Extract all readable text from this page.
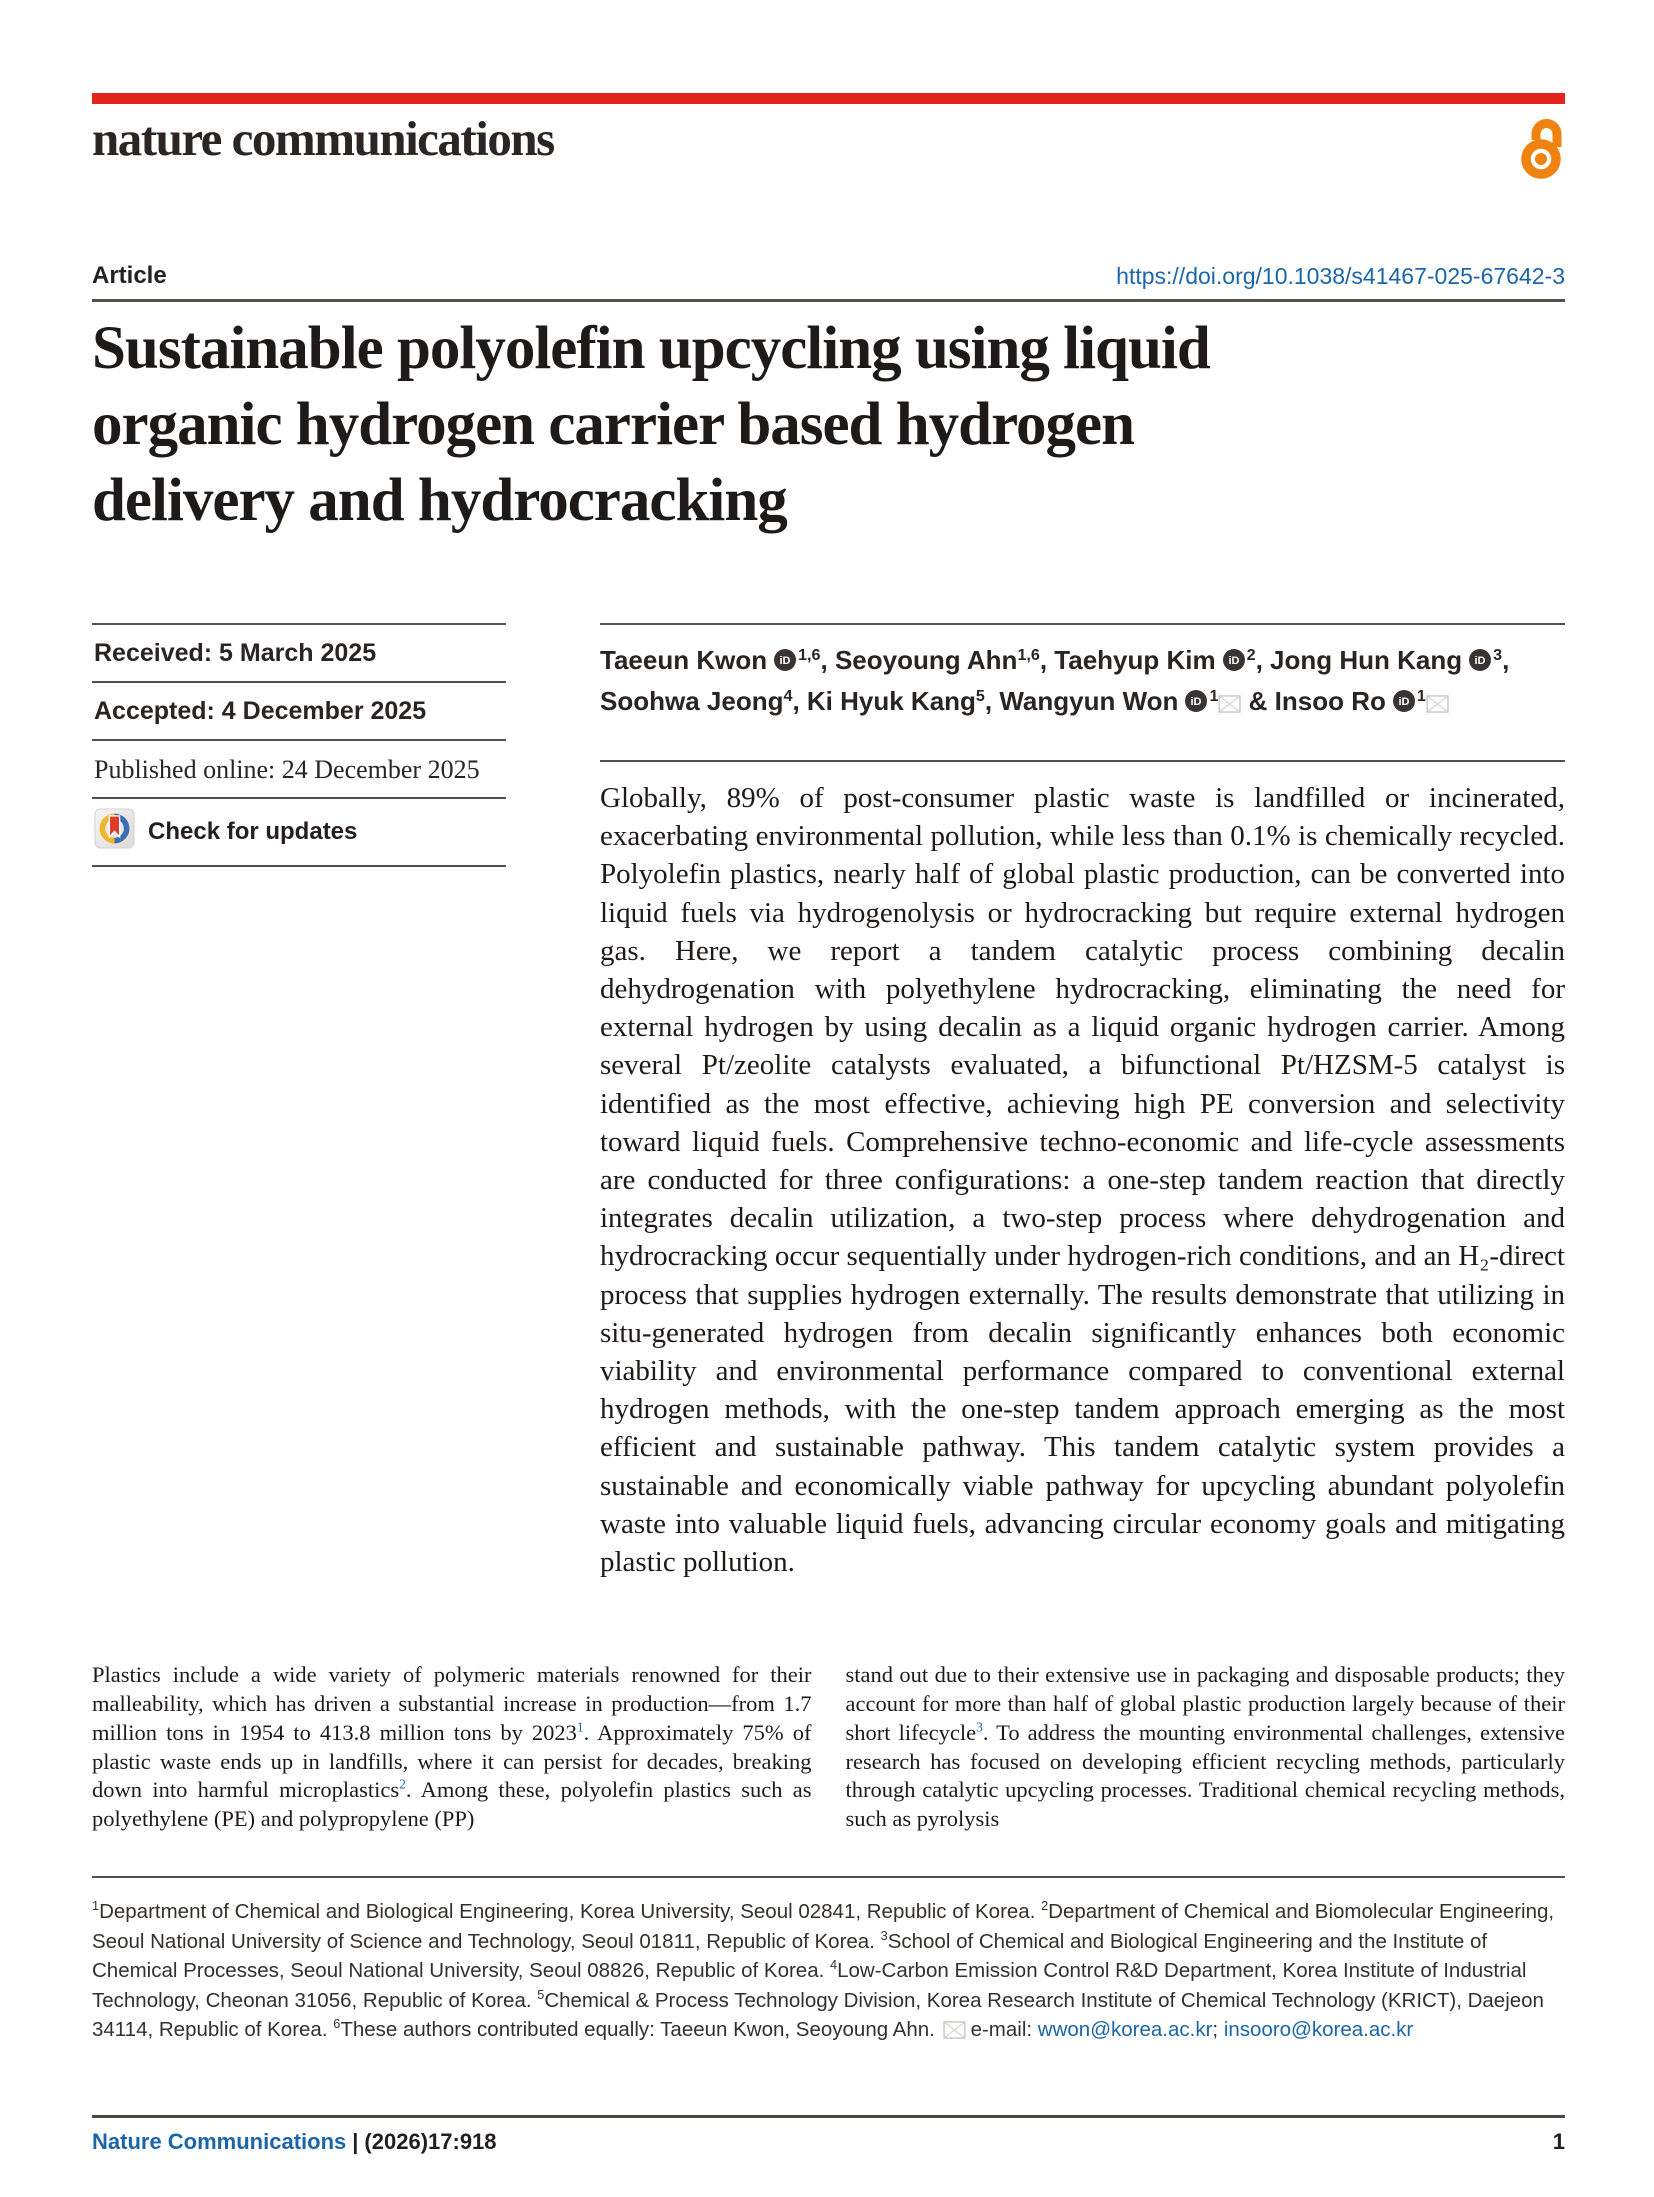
nature communications
Article	https://doi.org/10.1038/s41467-025-67642-3
Sustainable polyolefin upcycling using liquid
organic hydrogen carrier based hydrogen
delivery and hydrocracking
Received: 5 March 2025
Accepted: 4 December 2025
Published online: 24 December 2025
Check for updates
Taeeun Kwon iD $^{1,6}$, Seoyoung Ahn$^{1,6}$, Taehyup Kim iD $^2$, Jong Hun Kang iD $^3$, Soohwa Jeong$^4$, Ki Hyuk Kang$^5$, Wangyun Won iD $^1$ & Insoo Ro iD $^1$

Globally, 89% of post-consumer plastic waste is landfilled or incinerated, exacerbating environmental pollution, while less than 0.1% is chemically recycled. Polyolefin plastics, nearly half of global plastic production, can be converted into liquid fuels via hydrogenolysis or hydrocracking but require external hydrogen gas. Here, we report a tandem catalytic process combining decalin dehydrogenation with polyethylene hydrocracking, eliminating the need for external hydrogen by using decalin as a liquid organic hydrogen carrier. Among several Pt/zeolite catalysts evaluated, a bifunctional Pt/HZSM-5 catalyst is identified as the most effective, achieving high PE conversion and selectivity toward liquid fuels. Comprehensive techno-economic and life-cycle assessments are conducted for three configurations: a one-step tandem reaction that directly integrates decalin utilization, a two-step process where dehydrogenation and hydrocracking occur sequentially under hydrogen-rich conditions, and an H₂-direct process that supplies hydrogen externally. The results demonstrate that utilizing in situ-generated hydrogen from decalin significantly enhances both economic viability and environmental performance compared to conventional external hydrogen methods, with the one-step tandem approach emerging as the most efficient and sustainable pathway. This tandem catalytic system provides a sustainable and economically viable pathway for upcycling abundant polyolefin waste into valuable liquid fuels, advancing circular economy goals and mitigating plastic pollution.

Plastics include a wide variety of polymeric materials renowned for their malleability, which has driven a substantial increase in production—from 1.7 million tons in 1954 to 413.8 million tons by 2023$^1$. Approximately 75% of plastic waste ends up in landfills, where it can persist for decades, breaking down into harmful microplastics$^2$. Among these, polyolefin plastics such as polyethylene (PE) and polypropylene (PP)
stand out due to their extensive use in packaging and disposable products; they account for more than half of global plastic production largely because of their short lifecycle$^3$. To address the mounting environmental challenges, extensive research has focused on developing efficient recycling methods, particularly through catalytic upcycling processes. Traditional chemical recycling methods, such as pyrolysis
$^1$Department of Chemical and Biological Engineering, Korea University, Seoul 02841, Republic of Korea. $^2$Department of Chemical and Biomolecular Engineering, Seoul National University of Science and Technology, Seoul 01811, Republic of Korea. $^3$School of Chemical and Biological Engineering and the Institute of Chemical Processes, Seoul National University, Seoul 08826, Republic of Korea. $^4$Low-Carbon Emission Control R&D Department, Korea Institute of Industrial Technology, Cheonan 31056, Republic of Korea. $^5$Chemical & Process Technology Division, Korea Research Institute of Chemical Technology (KRICT), Daejeon 34114, Republic of Korea. $^6$These authors contributed equally: Taeeun Kwon, Seoyoung Ahn. e-mail: wwon@korea.ac.kr; insooro@korea.ac.kr
Nature Communications | (2026)17:918	1
